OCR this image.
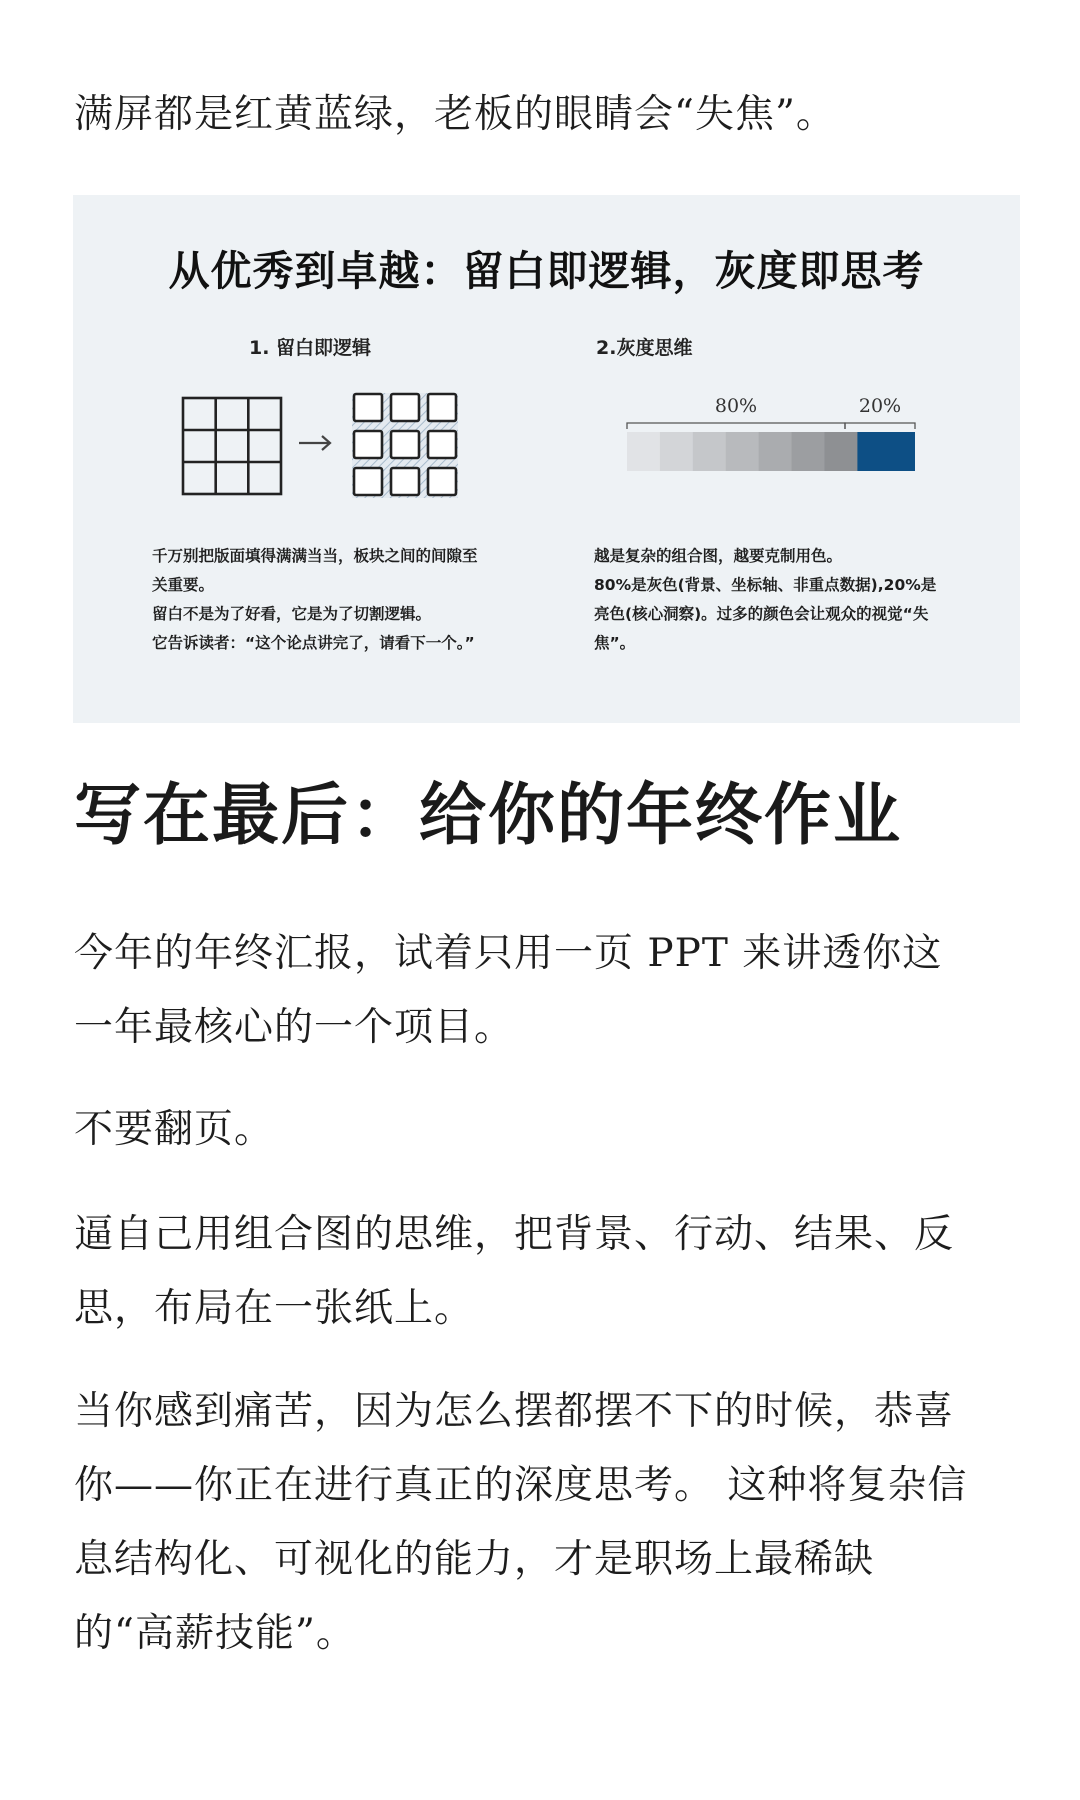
满屏都是红黄蓝绿，老板的眼睛会“失焦”。

从优秀到卓越：留白即逻辑，灰度即思考
1. 留白即逻辑	2.灰度思维
80%	20%

千万别把版面填得满满当当，板块之间的间隙至

关重要。

留白不是为了好看，它是为了切割逻辑。

它告诉读者：“这个论点讲完了，请看下一个。”

越是复杂的组合图，越要克制用色。

80%是灰色(背景、坐标轴、非重点数据),20%是

亮色(核心洞察)。过多的颜色会让观众的视觉“失

焦”。

写在最后：给你的年终作业

今年的年终汇报，试着只用一页 PPT 来讲透你这

一年最核心的一个项目。

不要翻页。

逼自己用组合图的思维，把背景、行动、结果、反

思，布局在一张纸上。

当你感到痛苦，因为怎么摆都摆不下的时候，恭喜

你——你正在进行真正的深度思考。 这种将复杂信

息结构化、可视化的能力，才是职场上最稀缺

的“高薪技能”。
